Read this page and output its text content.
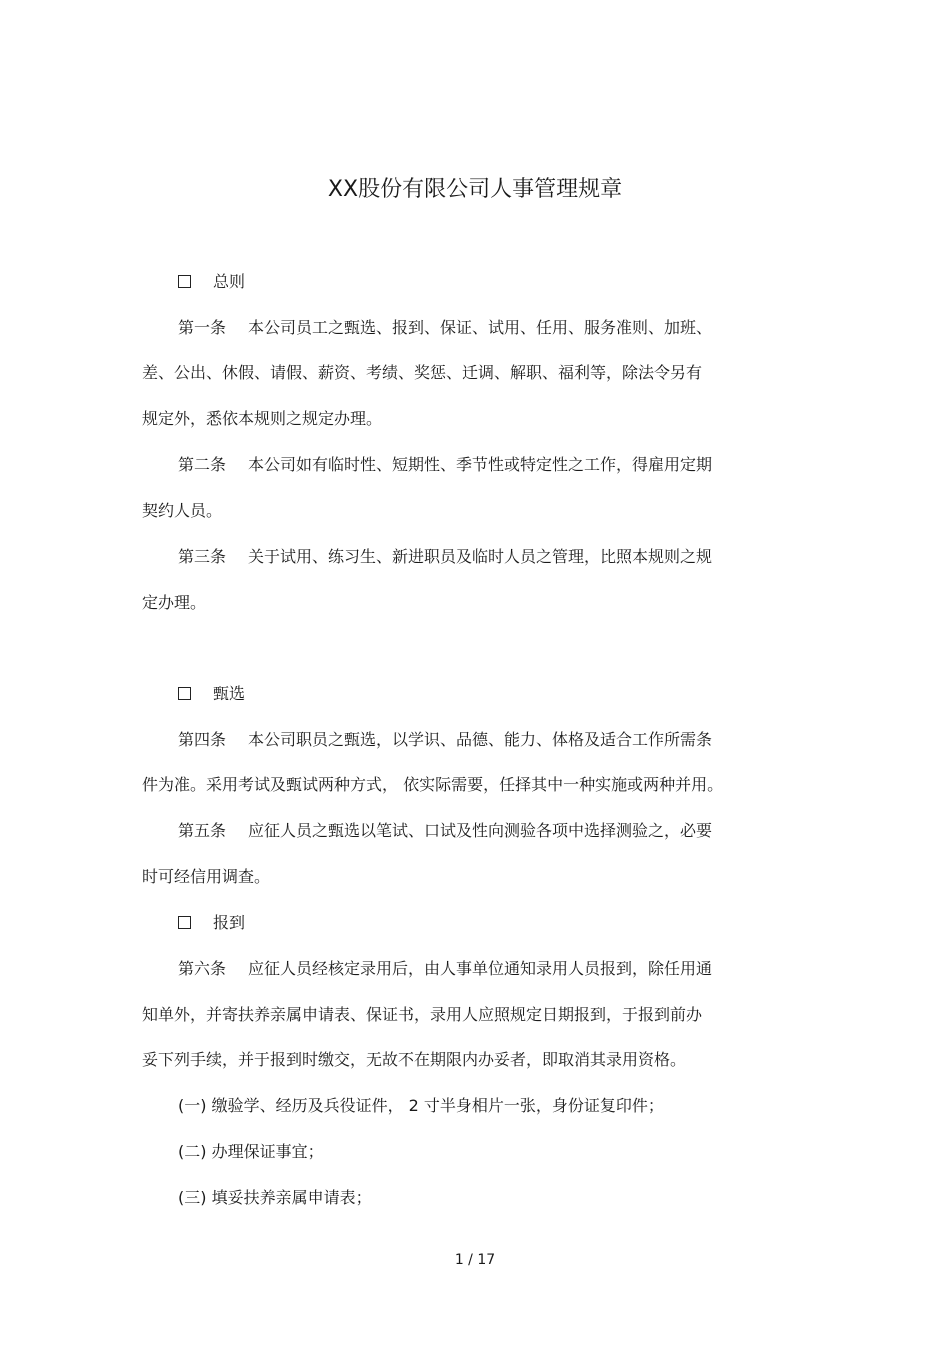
XX股份有限公司人事管理规章
总则
第一条 本公司员工之甄选、报到、保证、试用、任用、服务准则、加班、
差、公出、休假、请假、薪资、考绩、奖惩、迁调、解职、福利等，除法令另有
规定外，悉依本规则之规定办理。
第二条 本公司如有临时性、短期性、季节性或特定性之工作，得雇用定期
契约人员。
第三条 关于试用、练习生、新进职员及临时人员之管理，比照本规则之规
定办理。
甄选
第四条 本公司职员之甄选，以学识、品德、能力、体格及适合工作所需条
件为准。采用考试及甄试两种方式， 依实际需要，任择其中一种实施或两种并用。
第五条 应征人员之甄选以笔试、口试及性向测验各项中选择测验之，必要
时可经信用调查。
报到
第六条 应征人员经核定录用后，由人事单位通知录用人员报到，除任用通
知单外，并寄扶养亲属申请表、保证书，录用人应照规定日期报到，于报到前办
妥下列手续，并于报到时缴交，无故不在期限内办妥者，即取消其录用资格。
(一) 缴验学、经历及兵役证件， 2 寸半身相片一张，身份证复印件；
(二) 办理保证事宜；
(三) 填妥扶养亲属申请表；
1 / 17
